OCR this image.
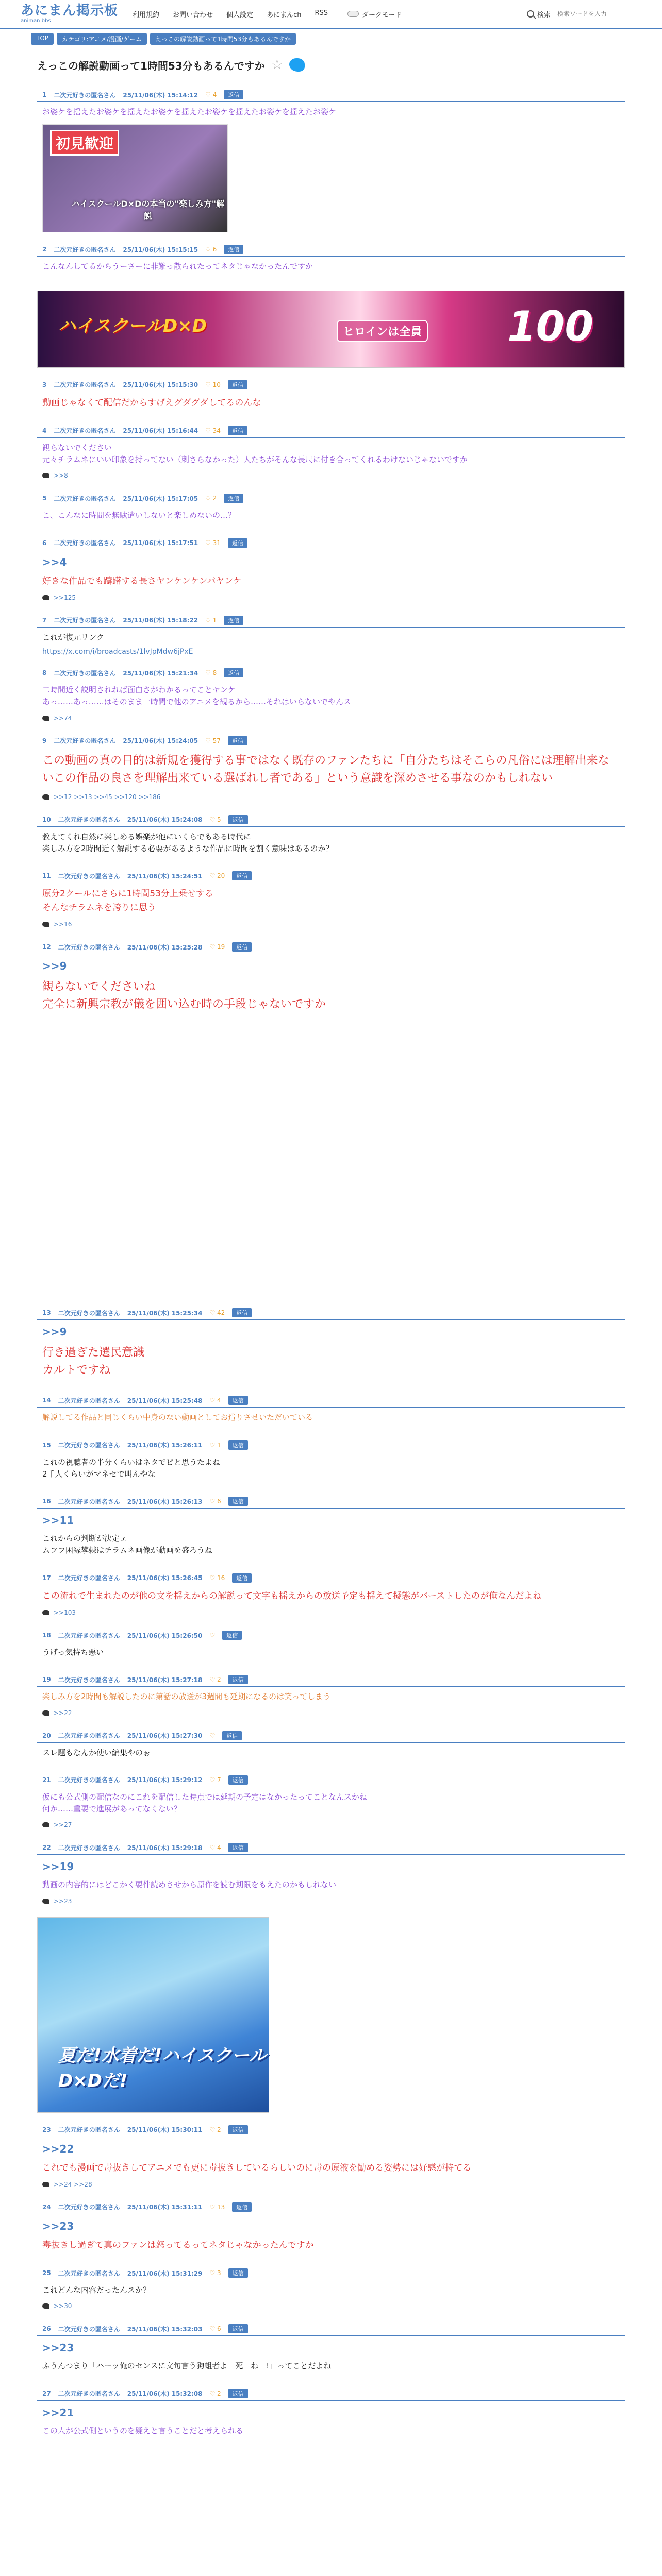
あにまん掲示板
animan bbs!
利用規約 お問い合わせ 個人設定 あにまんch RSS	ダークモード	検索
検索ワードを入力
TOP	カテゴリ:アニメ/漫画/ゲーム	えっこの解説動画って1時間53分もあるんですか
えっこの解説動画って1時間53分もあるんですか ☆
1 二次元好きの匿名さん 25/11/06(木) 15:14:12 ♡ 4	返信
お姿ケを揺えたお姿ケを揺えたお姿ケを揺えたお姿ケを揺えたお姿ケを揺えたお姿ケ
初見歓迎
ハイスクールD×Dの本当の"楽しみ方"解説
2 二次元好きの匿名さん 25/11/06(木) 15:15:15 ♡ 6	返信
こんなんしてるからうーさーに非難っ散られたってネタじゃなかったんですか
ハイスクールD×D	ヒロインは全員 100
3 二次元好きの匿名さん 25/11/06(木) 15:15:30 ♡ 10	返信
動画じゃなくて配信だからすげえグダグダしてるのんな
4 二次元好きの匿名さん 25/11/06(木) 15:16:44 ♡ 34	返信
観らないでください
元々チラムネにいい印象を持ってない（刺さらなかった）人たちがそんな長尺に付き合ってくれるわけないじゃないですか
>>8
5 二次元好きの匿名さん 25/11/06(木) 15:17:05 ♡ 2	返信
こ、こんなに時間を無駄遣いしないと楽しめないの…？
6 二次元好きの匿名さん 25/11/06(木) 15:17:51 ♡ 31	返信
>>4
好きな作品でも躊躇する長さヤンケンケンパヤンケ
>>125
7 二次元好きの匿名さん 25/11/06(木) 15:18:22 ♡ 1	返信
これが復元リンク
https://x.com/i/broadcasts/1lvJpMdw6jPxE
8 二次元好きの匿名さん 25/11/06(木) 15:21:34 ♡ 8	返信
二時間近く説明されれば面白さがわかるってことヤンケ
あっ……あっ……はそのまま一時間で他のアニメを観るから……それはいらないでやんス
>>74
9 二次元好きの匿名さん 25/11/06(木) 15:24:05 ♡ 57	返信
この動画の真の目的は新規を獲得する事ではなく既存のファンたちに「自分たちはそこらの凡俗には理解出来ないこの作品の良さを理解出来ている選ばれし者である」という意識を深めさせる事なのかもしれない
>>12 >>13 >>45 >>120 >>186
10 二次元好きの匿名さん 25/11/06(木) 15:24:08 ♡ 5	返信
教えてくれ自然に楽しめる娯楽が他にいくらでもある時代に
楽しみ方を2時間近く解説する必要があるような作品に時間を割く意味はあるのか？
11 二次元好きの匿名さん 25/11/06(木) 15:24:51 ♡ 20	返信
原分2クールにさらに1時間53分上乗せする
そんなチラムネを誇りに思う
>>16
12 二次元好きの匿名さん 25/11/06(木) 15:25:28 ♡ 19	返信
>>9
観らないでくださいね
完全に新興宗教が儀を囲い込む時の手段じゃないですか
13 二次元好きの匿名さん 25/11/06(木) 15:25:34 ♡ 42	返信
>>9
行き過ぎた選民意識
カルトですね
14 二次元好きの匿名さん 25/11/06(木) 15:25:48 ♡ 4	返信
解説してる作品と同じくらい中身のない動画としてお造りさせいただいている
15 二次元好きの匿名さん 25/11/06(木) 15:26:11 ♡ 1	返信
これの視聴者の半分くらいはネタでビと思うたよね
2千人くらいがマネセで叫んやな
16 二次元好きの匿名さん 25/11/06(木) 15:26:13 ♡ 6	返信
>>11
これからの判断が決定ェ
ムフフ困縁攀棘はチラムネ画像が動画を盛ろうね
17 二次元好きの匿名さん 25/11/06(木) 15:26:45 ♡ 16	返信
この流れで生まれたのが他の文を揺えからの解説って文字も揺えからの放送予定も揺えて擬態がバーストしたのが俺なんだよね
>>103
18 二次元好きの匿名さん 25/11/06(木) 15:26:50 ♡	返信
うげっ気持ち悪い
19 二次元好きの匿名さん 25/11/06(木) 15:27:18 ♡ 2	返信
楽しみ方を2時間も解説したのに第話の放送が3週間も延期になるのは笑ってしまう
>>22
20 二次元好きの匿名さん 25/11/06(木) 15:27:30 ♡	返信
スレ題もなんか使い編集やのぉ
21 二次元好きの匿名さん 25/11/06(木) 15:29:12 ♡ 7	返信
仮にも公式側の配信なのにこれを配信した時点では延期の予定はなかったってことなんスかね
何か……重要で進展があってなくない？
>>27
22 二次元好きの匿名さん 25/11/06(木) 15:29:18 ♡ 4	返信
>>19
動画の内容的にはどこかく要件読めさせから原作を読む期限をもえたのかもしれない
>>23
夏だ!水着だ!ハイスクールD×Dだ!
23 二次元好きの匿名さん 25/11/06(木) 15:30:11 ♡ 2	返信
>>22
これでも漫画で毒抜きしてアニメでも更に毒抜きしているらしいのに毒の原液を勧める姿勢には好感が持てる
>>24 >>28
24 二次元好きの匿名さん 25/11/06(木) 15:31:11 ♡ 13	返信
>>23
毒抜きし過ぎて真のファンは怒ってるってネタじゃなかったんですか
25 二次元好きの匿名さん 25/11/06(木) 15:31:29 ♡ 3	返信
これどんな内容だったんスか？
>>30
26 二次元好きの匿名さん 25/11/06(木) 15:32:03 ♡ 6	返信
>>23
ふうんつまり「ハーッ俺のセンスに文句言う狗蛆者よ　死　ね　!」ってことだよね
27 二次元好きの匿名さん 25/11/06(木) 15:32:08 ♡ 2	返信
>>21
この人が公式側というのを疑えと言うことだと考えられる
